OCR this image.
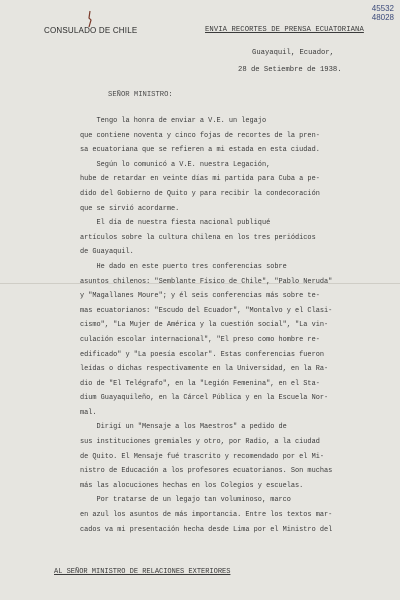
CONSULADO DE CHILE
45532
48028
ENVIA RECORTES DE PRENSA ECUATORIANA
Guayaquil, Ecuador,
28 de Setiembre de 1938.
SEÑOR MINISTRO:
Tengo la honra de enviar a V.E. un legajo
que contiene noventa y cinco fojas de recortes de la pren-
sa ecuatoriana que se refieren a mi estada en esta ciudad.
Según lo comunicó a V.E. nuestra Legación,
hube de retardar en veinte días mi partida para Cuba a pe-
dido del Gobierno de Quito y para recibir la condecoración
que se sirvió acordarme.
El día de nuestra fiesta nacional publiqué
artículos sobre la cultura chilena en los tres periódicos
de Guayaquil.
He dado en este puerto tres conferencias sobre
asuntos chilenos: "Semblante Físico de Chile", "Pablo Neruda"
y "Magallanes Moure"; y él seis conferencias más sobre te-
mas ecuatorianos: "Escudo del Ecuador", "Montalvo y el Clasi-
cismo", "La Mujer de América y la cuestión social", "La vin-
culación escolar internacional", "El preso como hombre re-
edificado" y "La poesía escolar". Estas conferencias fueron
leídas o dichas respectivamente en la Universidad, en la Ra-
dio de "El Telégrafo", en la "Legión Femenina", en el Sta-
dium Guayaquileño, en la Cárcel Pública y en la Escuela Nor-
mal.
Dirigí un "Mensaje a los Maestros" a pedido de
sus instituciones gremiales y otro, por Radio, a la ciudad
de Quito. El Mensaje fué trascrito y recomendado por el Mi-
nistro de Educación a los profesores ecuatorianos. Son muchas
más las alocuciones hechas en los Colegios y escuelas.
Por tratarse de un legajo tan voluminoso, marco
en azul los asuntos de más importancia. Entre los textos mar-
cados va mi presentación hecha desde Lima por el Ministro del
AL SEÑOR MINISTRO DE RELACIONES EXTERIORES
